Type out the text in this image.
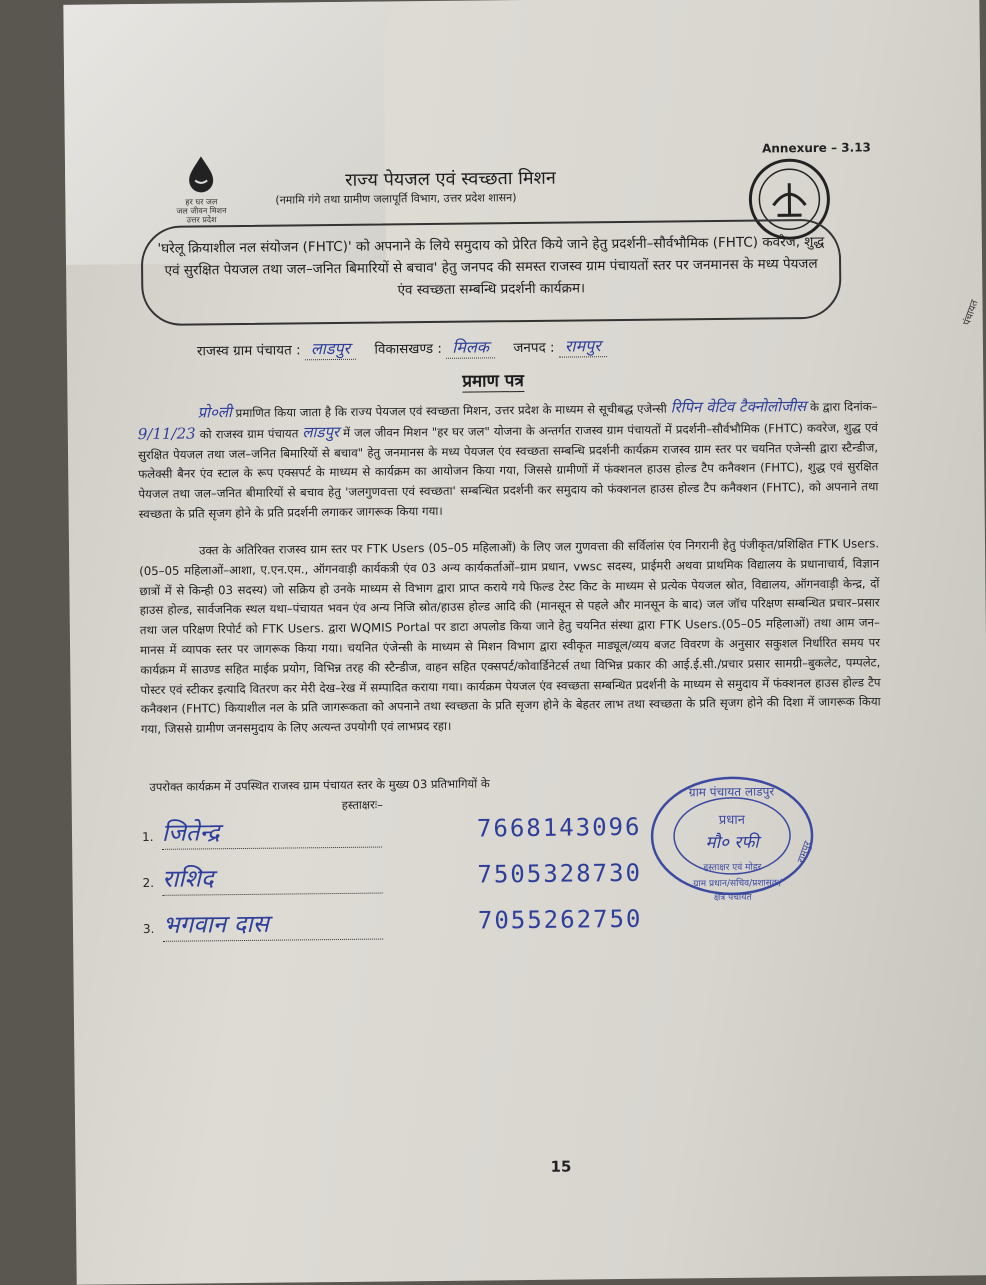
Annexure – 3.13
हर घर जल
जल जीवन मिशन
उत्तर प्रदेश
राज्य पेयजल एवं स्वच्छता मिशन
(नमामि गंगे तथा ग्रामीण जलापूर्ति विभाग, उत्तर प्रदेश शासन)
'घरेलू क्रियाशील नल संयोजन (FHTC)' को अपनाने के लिये समुदाय को प्रेरित किये जाने हेतु प्रदर्शनी–सौर्वभौमिक (FHTC) कवरेज, शुद्ध एवं सुरक्षित पेयजल तथा जल–जनित बिमारियों से बचाव' हेतु जनपद की समस्त राजस्व ग्राम पंचायतों स्तर पर जनमानस के मध्य पेयजल एंव स्वच्छता सम्बन्धि प्रदर्शनी कार्यक्रम।
राजस्व ग्राम पंचायत : लाडपुर विकासखण्ड : मिलक जनपद : रामपुर
प्रमाण पत्र
प्रो०ली प्रमाणित किया जाता है कि राज्य पेयजल एवं स्वच्छता मिशन, उत्तर प्रदेश के माध्यम से सूचीबद्ध एजेन्सी रिपिन वेटिव टैक्नोलोजीस के द्वारा दिनांक– 9/11/23 को राजस्व ग्राम पंचायत लाडपुर में जल जीवन मिशन "हर घर जल" योजना के अन्तर्गत राजस्व ग्राम पंचायतों में प्रदर्शनी–सौर्वभौमिक (FHTC) कवरेज, शुद्ध एवं सुरक्षित पेयजल तथा जल–जनित बिमारियों से बचाव" हेतु जनमानस के मध्य पेयजल एंव स्वच्छता सम्बन्धि प्रदर्शनी कार्यक्रम राजस्व ग्राम स्तर पर चयनित एजेन्सी द्वारा स्टैन्डीज, फलेक्सी बैनर एंव स्टाल के रूप एक्सपर्ट के माध्यम से कार्यक्रम का आयोजन किया गया, जिससे ग्रामीणों में फंक्शनल हाउस होल्ड टैप कनैक्शन (FHTC), शुद्ध एवं सुरक्षित पेयजल तथा जल–जनित बीमारियों से बचाव हेतु 'जलगुणवत्ता एवं स्वच्छता' सम्बन्धित प्रदर्शनी कर समुदाय को फंक्शनल हाउस होल्ड टैप कनैक्शन (FHTC), को अपनाने तथा स्वच्छता के प्रति सृजग होने के प्रति प्रदर्शनी लगाकर जागरूक किया गया।
उक्त के अतिरिक्त राजस्व ग्राम स्तर पर FTK Users (05–05 महिलाओं) के लिए जल गुणवत्ता की सर्विलांस एंव निगरानी हेतु पंजीकृत/प्रशिक्षित FTK Users.(05–05 महिलाओं–आशा, ए.एन.एम., ऑगनवाड़ी कार्यकत्री एंव 03 अन्य कार्यकर्ताओं–ग्राम प्रधान, vwsc सदस्य, प्राईमरी अथवा प्राथमिक विद्यालय के प्रधानाचार्य, विज्ञान छात्रों में से किन्ही 03 सदस्य) जो सक्रिय हो उनके माध्यम से विभाग द्वारा प्राप्त कराये गये फिल्ड टेस्ट किट के माध्यम से प्रत्येक पेयजल स्रोत, विद्यालय, ऑगनवाड़ी केन्द्र, दों हाउस होल्ड, सार्वजनिक स्थल यथा–पंचायत भवन एंव अन्य निजि स्रोत/हाउस होल्ड आदि की (मानसून से पहले और मानसून के बाद) जल जॉच परिक्षण सम्बन्धित प्रचार–प्रसार तथा जल परिक्षण रिपोर्ट को FTK Users. द्वारा WQMIS Portal पर डाटा अपलोड किया जाने हेतु चयनित संस्था द्वारा FTK Users.(05–05 महिलाओं) तथा आम जन–मानस में व्यापक स्तर पर जागरूक किया गया। चयनित एंजेन्सी के माध्यम से मिशन विभाग द्वारा स्वीकृत माड्यूल/व्यय बजट विवरण के अनुसार सकुशल निर्धारित समय पर कार्यक्रम में साउण्ड सहित माईक प्रयोग, विभिन्न तरह की स्टैन्डीज, वाहन सहित एक्सपर्ट/कोवार्डिनेटर्स तथा विभिन्न प्रकार की आई.ई.सी./प्रचार प्रसार सामग्री–बुकलेट, पम्पलेट, पोस्टर एवं स्टीकर इत्यादि वितरण कर मेरी देख–रेख में सम्पादित कराया गया। कार्यक्रम पेयजल एंव स्वच्छता सम्बन्धित प्रदर्शनी के माध्यम से समुदाय में फंक्शनल हाउस होल्ड टैप कनैक्शन (FHTC) कियाशील नल के प्रति जागरूकता को अपनाने तथा स्वच्छता के प्रति सृजग होने के बेहतर लाभ तथा स्वच्छता के प्रति सृजग होने की दिशा में जागरूक किया गया, जिससे ग्रामीण जनसमुदाय के लिए अत्यन्त उपयोगी एवं लाभप्रद रहा।
उपरोक्त कार्यक्रम में उपस्थित राजस्व ग्राम पंचायत स्तर के मुख्य 03 प्रतिभागियों के
हस्ताक्षरः–
1. जितेन्द्र	7668143096
2. राशिद	7505328730
3. भगवान दास	7055262750
ग्राम पंचायत लाडपुर
प्रधान
मौ० रफी
हस्ताक्षर एवं मोहर
ग्राम प्रधान/सचिव/प्रशासक/
क्षेत्र पंचायत
रामपुर
15
पंचायत
